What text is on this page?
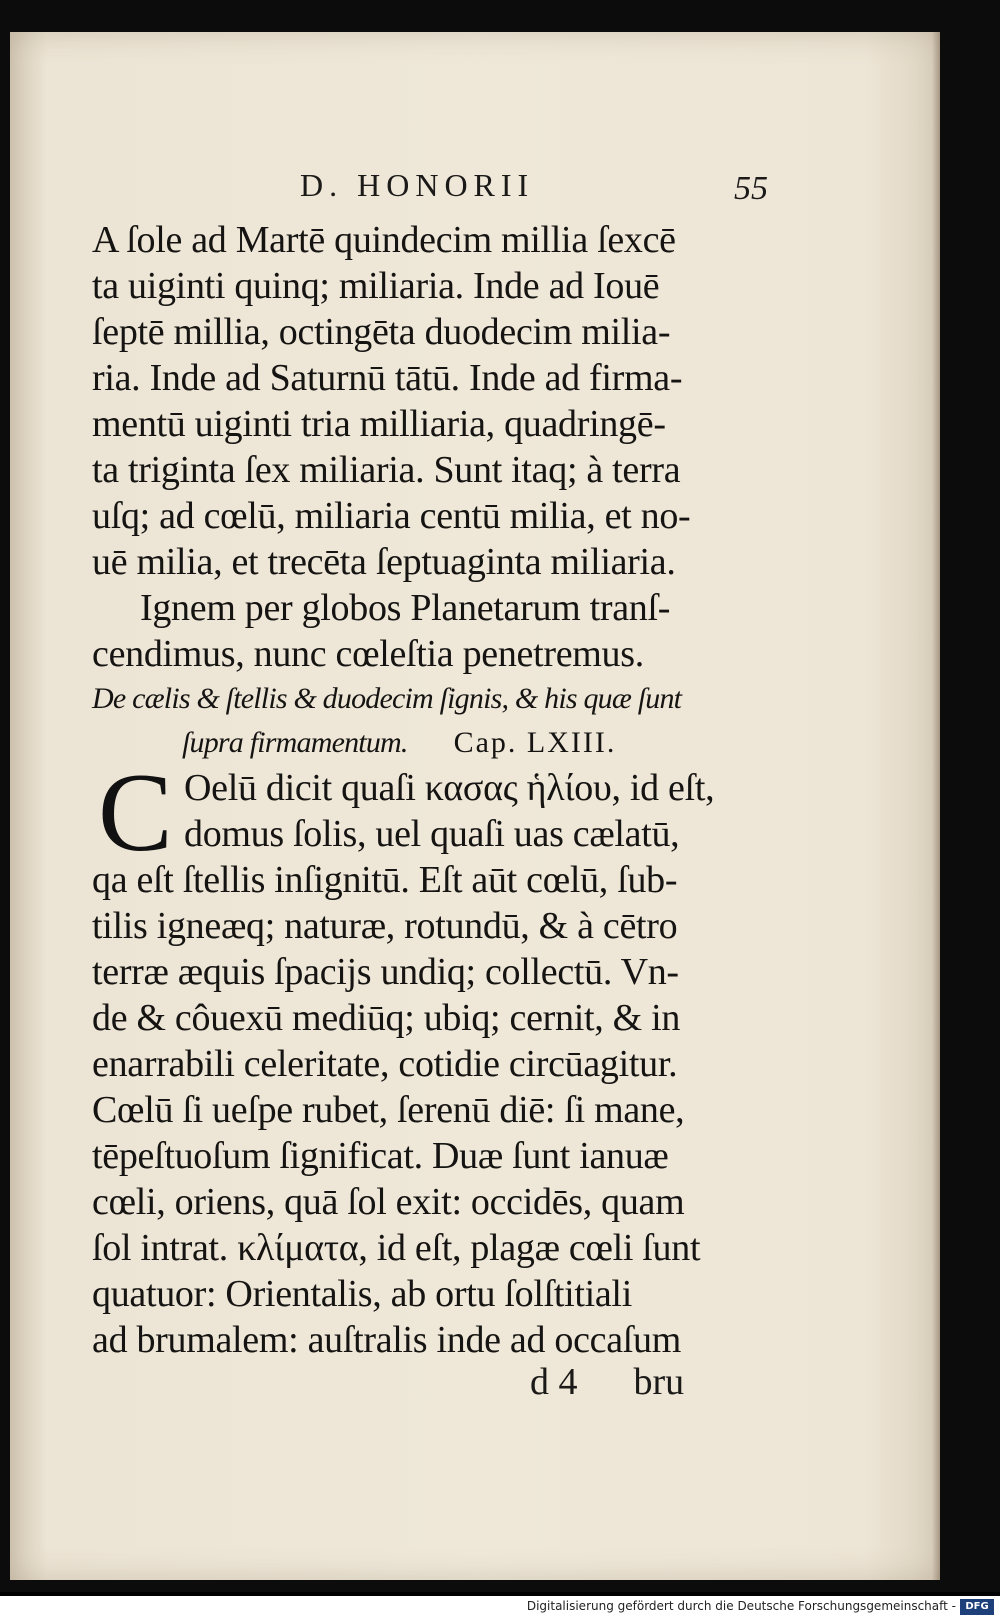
D. HONORII	55
A ſole ad Martē quindecim millia ſexcē
ta uiginti quinq; miliaria. Inde ad Iouē
ſeptē millia, octingēta duodecim milia-
ria. Inde ad Saturnū tātū. Inde ad firma-
mentū uiginti tria milliaria, quadringē-
ta triginta ſex miliaria. Sunt itaq; à terra
uſq; ad cœlū, miliaria centū milia, et no-
uē milia, et trecēta ſeptuaginta miliaria.
Ignem per globos Planetarum tranſ-
cendimus, nunc cœleſtia penetremus.
De cælis & ſtellis & duodecim ſignis, & his quæ ſunt
ſupra firmamentum. Cap. LXIII.
C Oelū dicit quaſi κασας ἡλίου, id eſt,
domus ſolis, uel quaſi uas cælatū,
qa eſt ſtellis inſignitū. Eſt aūt cœlū, ſub-
tilis igneæq; naturæ, rotundū, & à cētro
terræ æquis ſpacijs undiq; collectū. Vn-
de & côuexū mediūq; ubiq; cernit, & in
enarrabili celeritate, cotidie circūagitur.
Cœlū ſi ueſpe rubet, ſerenū diē: ſi mane,
tēpeſtuoſum ſignificat. Duæ ſunt ianuæ
cœli, oriens, quā ſol exit: occidēs, quam
ſol intrat. κλίματα, id eſt, plagæ cœli ſunt
quatuor: Orientalis, ab ortu ſolſtitiali
ad brumalem: auſtralis inde ad occaſum
d 4 bru
Digitalisierung gefördert durch die Deutsche Forschungsgemeinschaft - DFG
